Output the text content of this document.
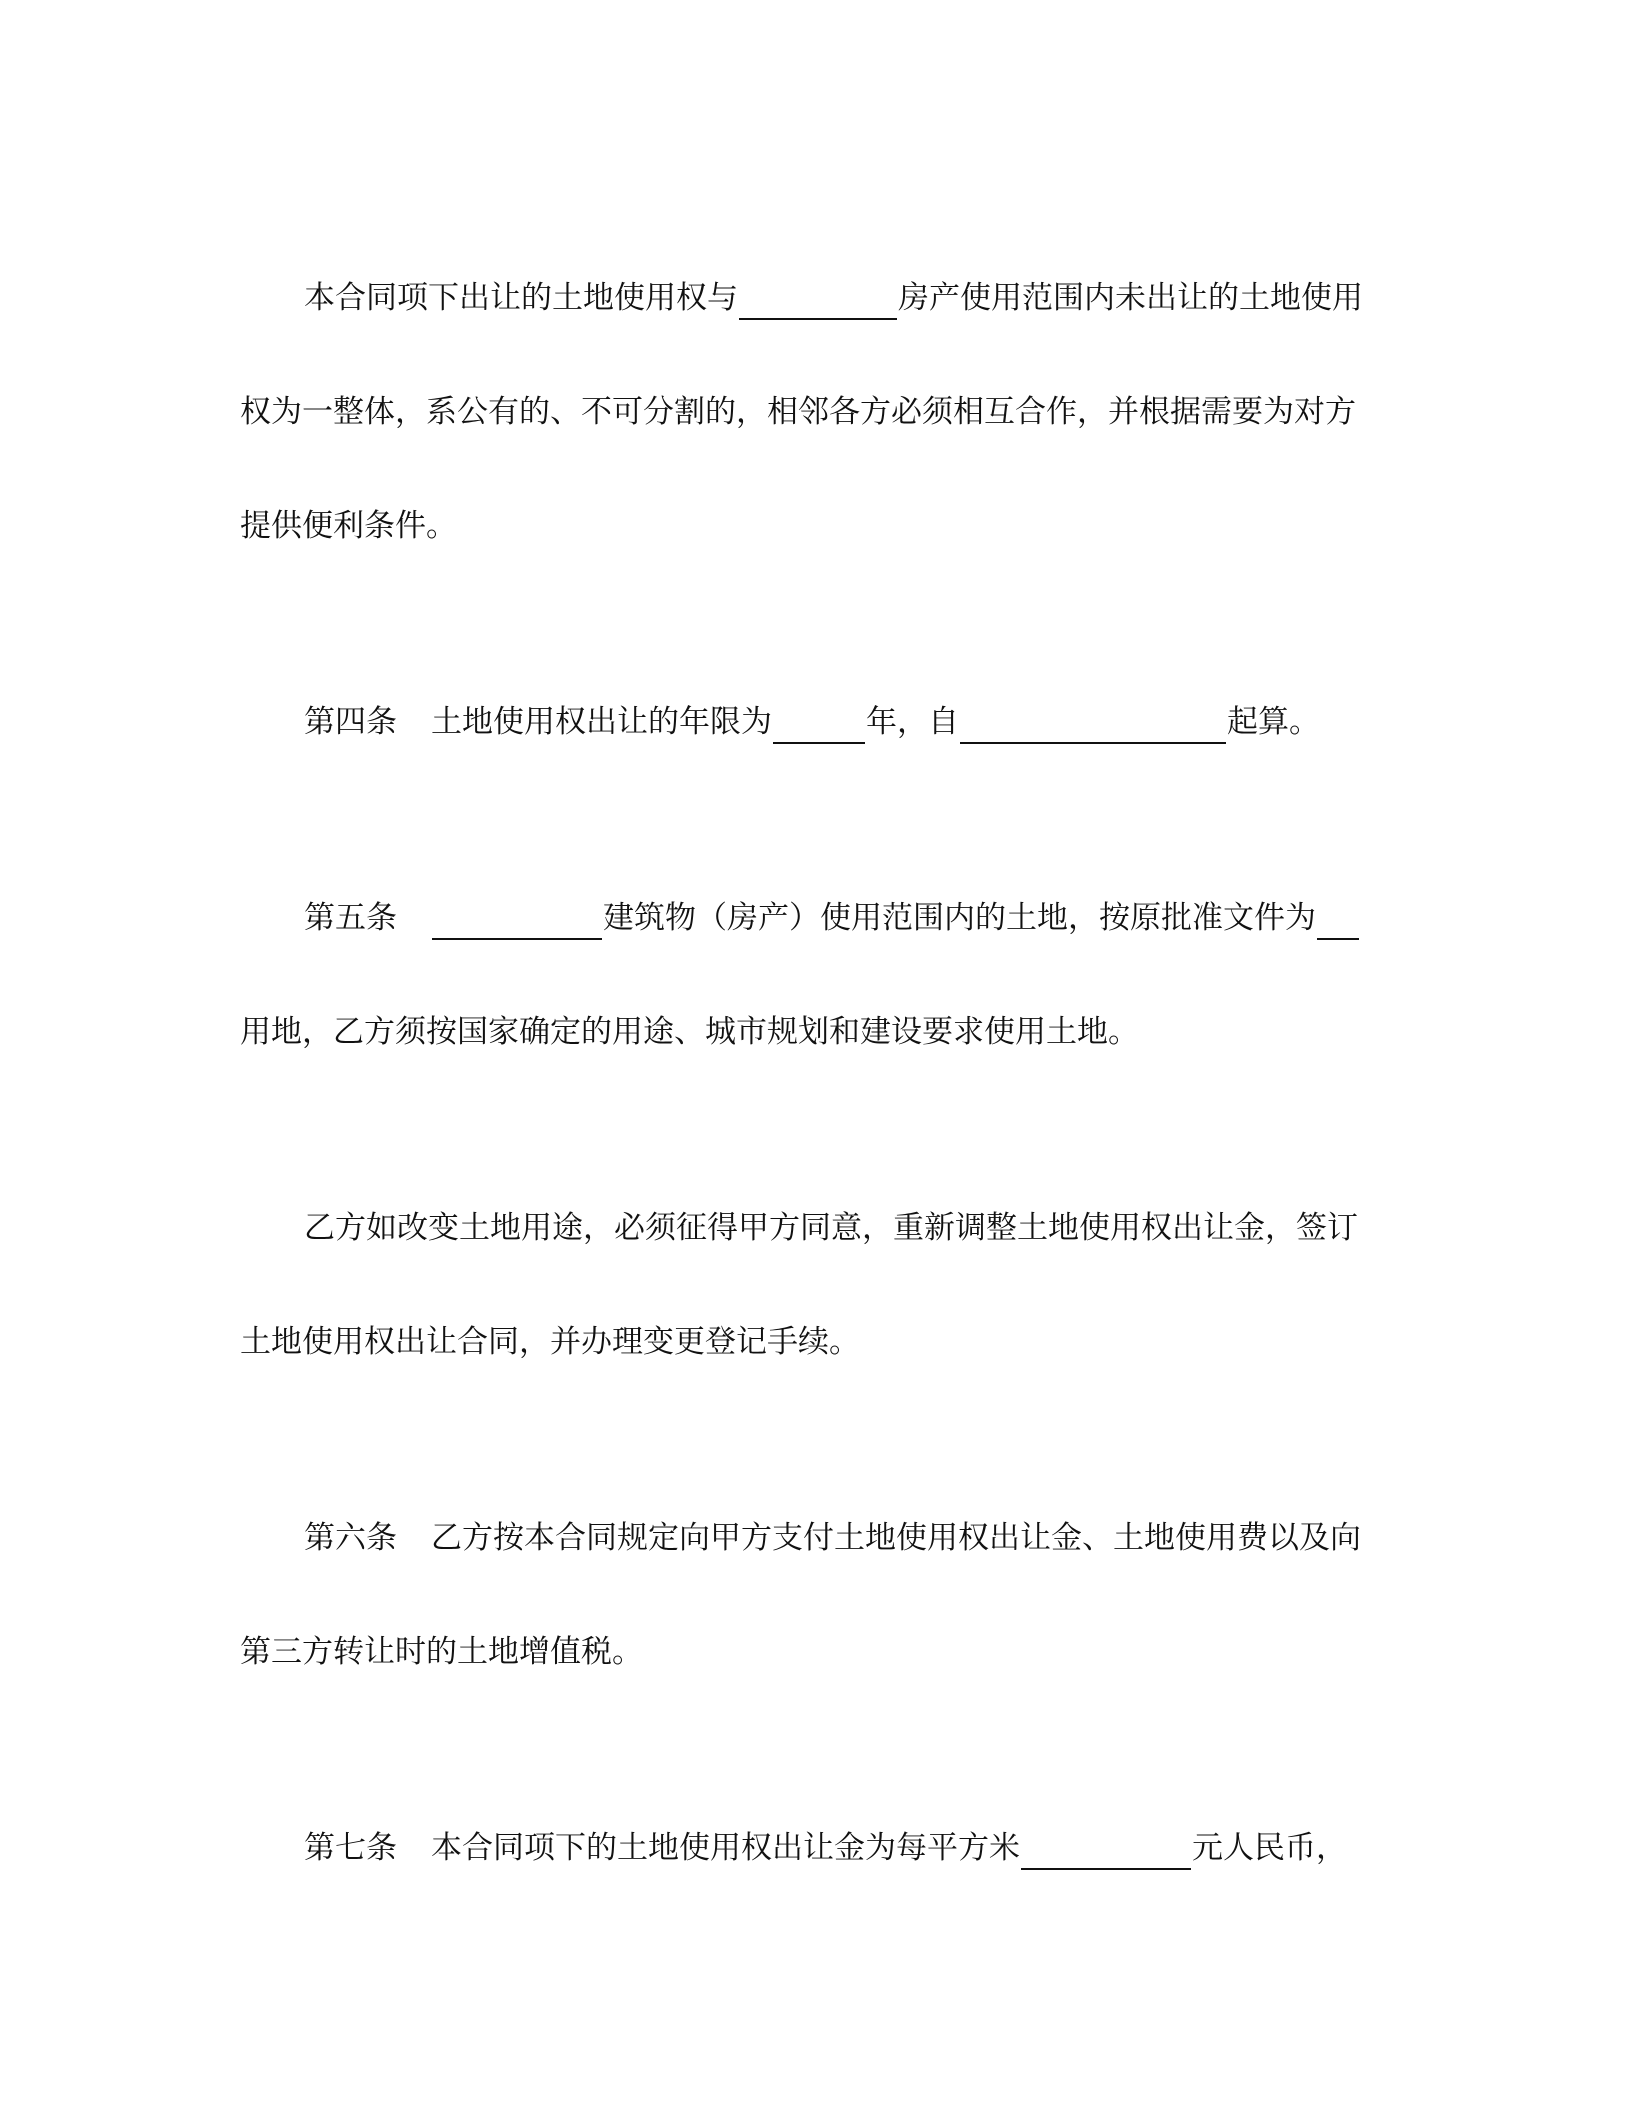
本合同项下出让的土地使用权与	房产使用范围内未出让的土地使用
权为一整体，系公有的、不可分割的，相邻各方必须相互合作，并根据需要为对方
提供便利条件。
第四条 土地使用权出让的年限为	年，自	起算。
第五条	建筑物（房产）使用范围内的土地，按原批准文件为
用地，乙方须按国家确定的用途、城市规划和建设要求使用土地。
乙方如改变土地用途，必须征得甲方同意，重新调整土地使用权出让金，签订
土地使用权出让合同，并办理变更登记手续。
第六条 乙方按本合同规定向甲方支付土地使用权出让金、土地使用费以及向
第三方转让时的土地增值税。
第七条 本合同项下的土地使用权出让金为每平方米	元人民币，
